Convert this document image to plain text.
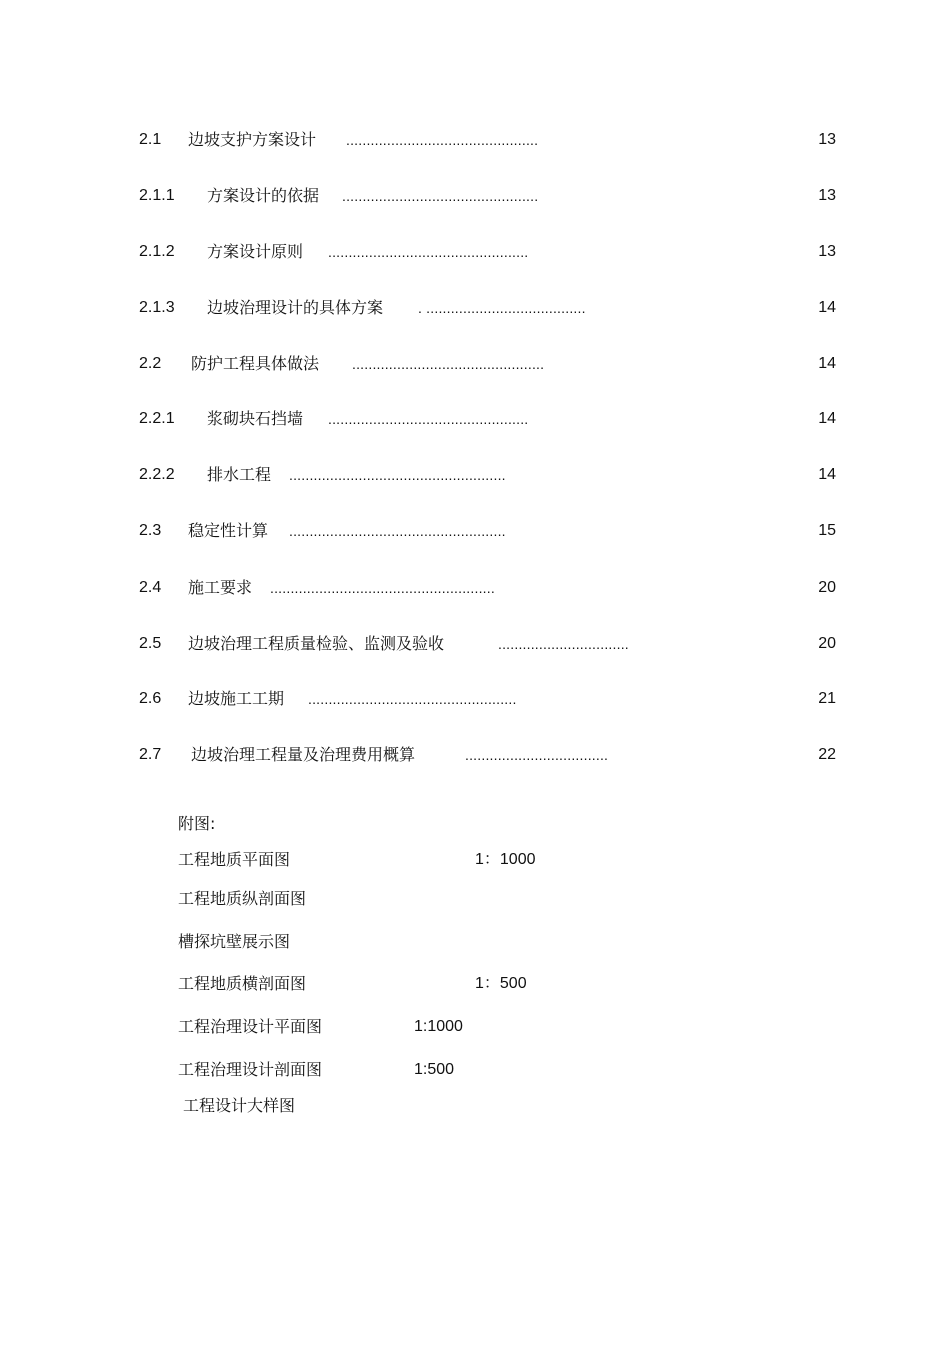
2.1 边坡支护方案设计 ...............................................	13
2.1.1 方案设计的依据 ................................................	13
2.1.2 方案设计原则 .................................................	13
2.1.3 边坡治理设计的具体方案 . .......................................	14
2.2 防护工程具体做法 ...............................................	14
2.2.1 浆砌块石挡墙 .................................................	14
2.2.2 排水工程 .....................................................	14
2.3 稳定性计算 .....................................................	15
2.4 施工要求 .......................................................	20
2.5 边坡治理工程质量检验、监测及验收	................................	20
2.6 边坡施工工期 ...................................................	21
2.7 边坡治理工程量及治理费用概算	...................................	22
附图:
工程地质平面图	1：1000
工程地质纵剖面图
槽探坑壁展示图
工程地质横剖面图	1：500
工程治理设计平面图	1:1000
工程治理设计剖面图	1:500
工程设计大样图
